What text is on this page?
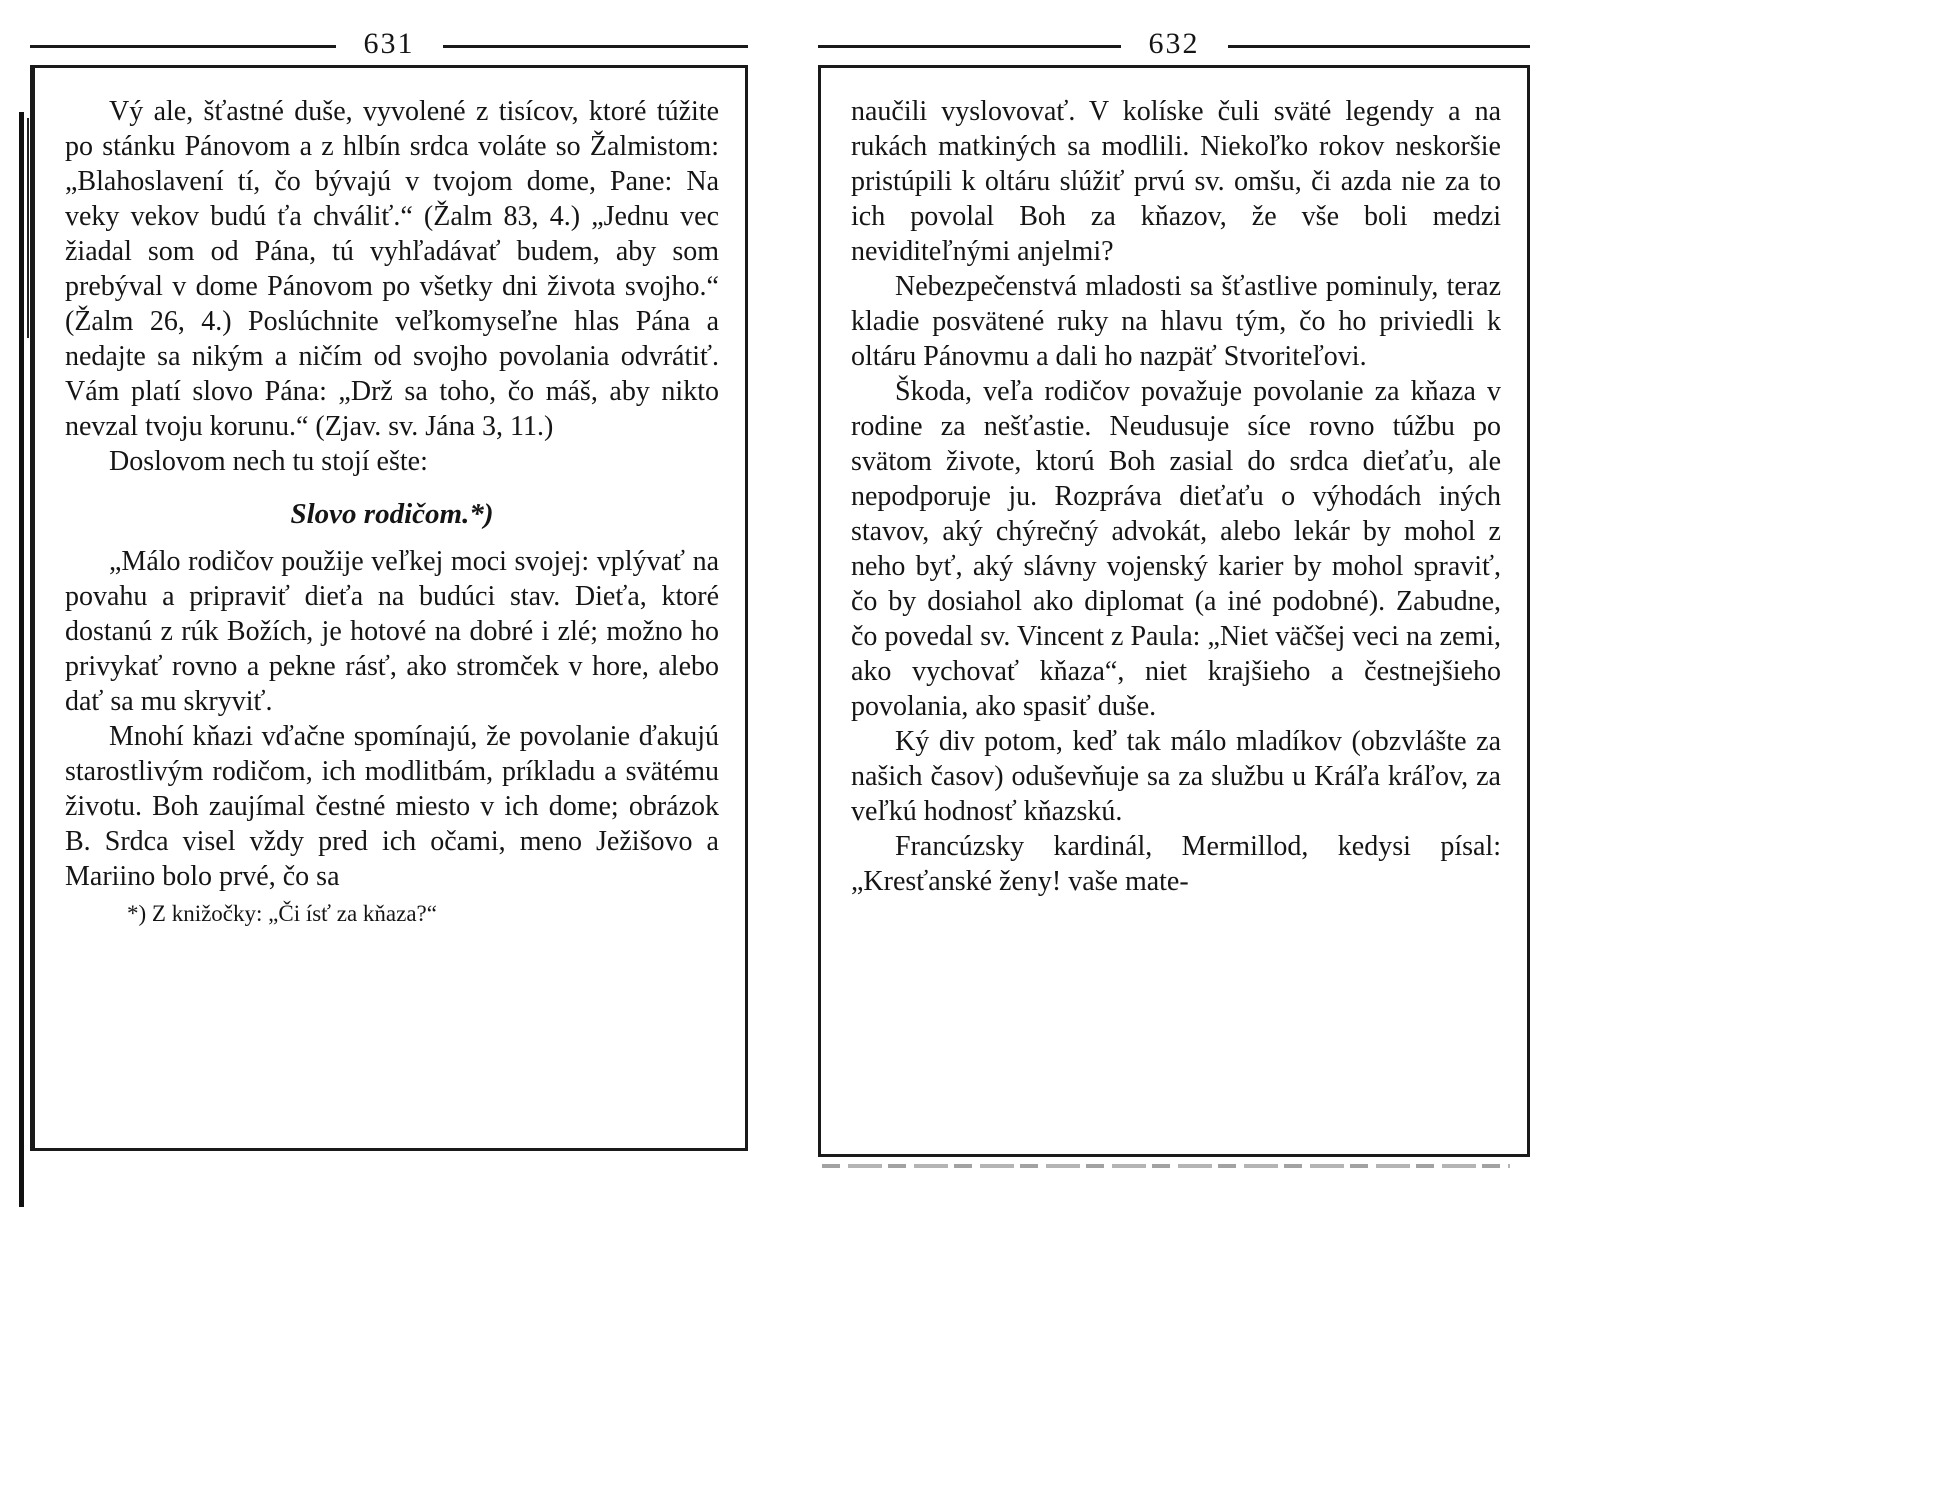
631

Vý ale, šťastné duše, vyvolené z tisícov, ktoré túžite po stánku Pánovom a z hlbín srdca voláte so Žalmistom: „Blahoslavení tí, čo bývajú v tvojom dome, Pane: Na veky vekov budú ťa chváliť.“ (Žalm 83, 4.) „Jednu vec žiadal som od Pána, tú vyhľadávať budem, aby som prebýval v dome Pánovom po všetky dni života svojho.“ (Žalm 26, 4.) Poslúchnite veľkomyseľne hlas Pána a nedajte sa nikým a ničím od svojho povolania odvrátiť. Vám platí slovo Pána: „Drž sa toho, čo máš, aby nikto nevzal tvoju korunu.“ (Zjav. sv. Jána 3, 11.)

Doslovom nech tu stojí ešte:

Slovo rodičom.*)

„Málo rodičov použije veľkej moci svojej: vplývať na povahu a pripraviť dieťa na budúci stav. Dieťa, ktoré dostanú z rúk Božích, je hotové na dobré i zlé; možno ho privykať rovno a pekne rásť, ako stromček v hore, alebo dať sa mu skryviť.

Mnohí kňazi vďačne spomínajú, že povolanie ďakujú starostlivým rodičom, ich modlitbám, príkladu a svätému životu. Boh zaujímal čestné miesto v ich dome; obrázok B. Srdca visel vždy pred ich očami, meno Ježišovo a Mariino bolo prvé, čo sa

*) Z knižočky: „Či ísť za kňaza?“

632

naučili vyslovovať. V kolíske čuli sväté legendy a na rukách matkiných sa modlili. Niekoľko rokov neskoršie pristúpili k oltáru slúžiť prvú sv. omšu, či azda nie za to ich povolal Boh za kňazov, že vše boli medzi neviditeľnými anjelmi?

Nebezpečenstvá mladosti sa šťastlive pominuly, teraz kladie posvätené ruky na hlavu tým, čo ho priviedli k oltáru Pánovmu a dali ho nazpäť Stvoriteľovi.

Škoda, veľa rodičov považuje povolanie za kňaza v rodine za nešťastie. Neudusuje síce rovno túžbu po svätom živote, ktorú Boh zasial do srdca dieťaťu, ale nepodporuje ju. Rozpráva dieťaťu o výhodách iných stavov, aký chýrečný advokát, alebo lekár by mohol z neho byť, aký slávny vojenský karier by mohol spraviť, čo by dosiahol ako diplomat (a iné podobné). Zabudne, čo povedal sv. Vincent z Paula: „Niet väčšej veci na zemi, ako vychovať kňaza“, niet krajšieho a čestnejšieho povolania, ako spasiť duše.

Ký div potom, keď tak málo mladíkov (obzvlášte za našich časov) oduševňuje sa za službu u Kráľa kráľov, za veľkú hodnosť kňazskú.

Francúzsky kardinál, Mermillod, kedysi písal: „Kresťanské ženy! vaše mate-
